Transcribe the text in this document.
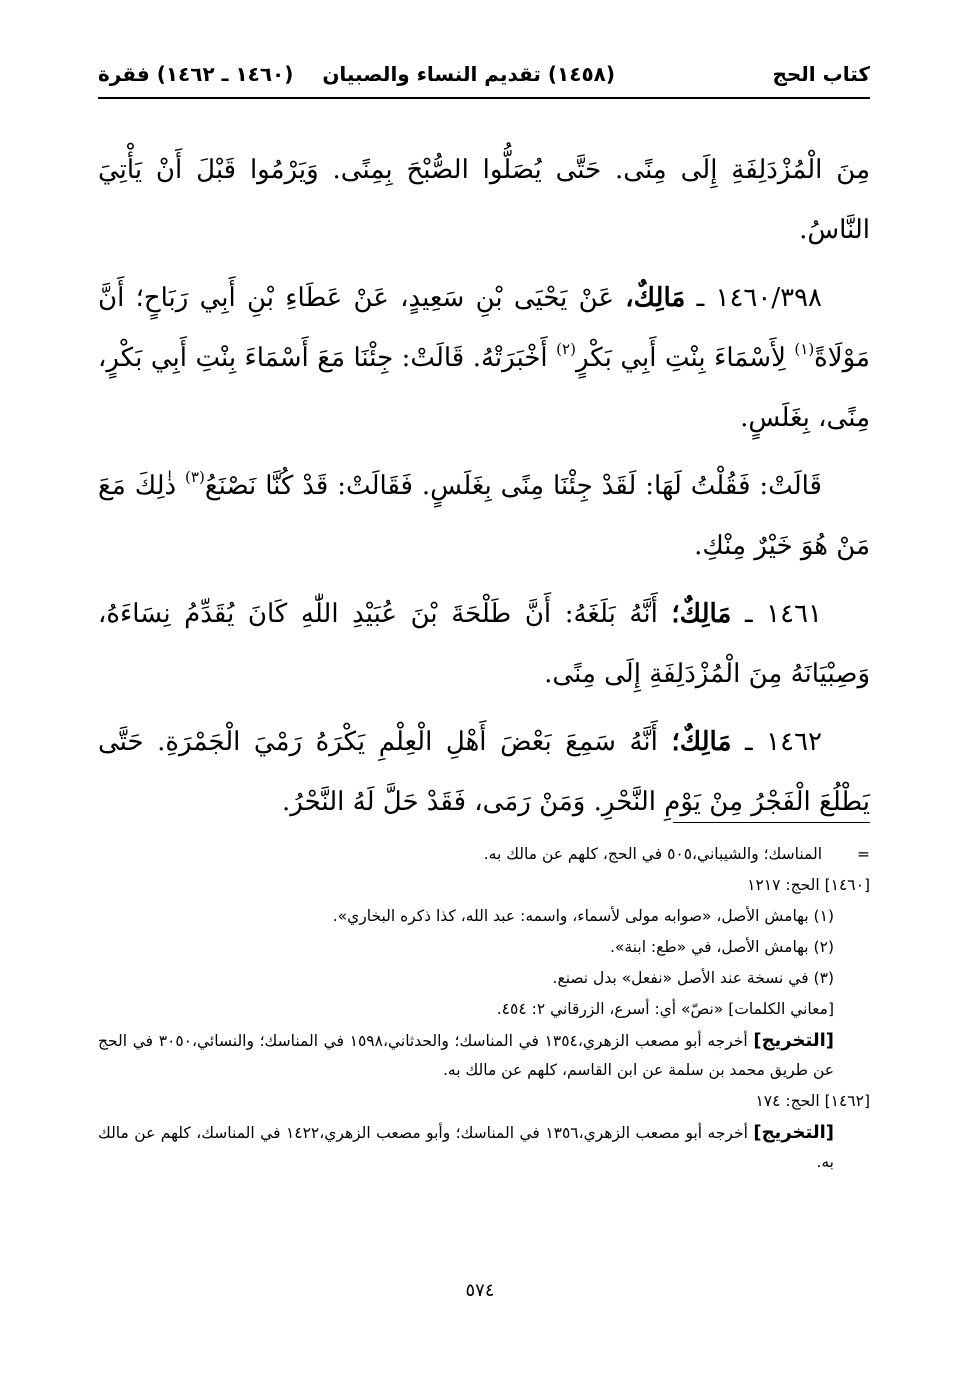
كتاب الحج
(١٤٥٨) تقديم النساء والصبيان
(١٤٦٠ ـ ١٤٦٢) فقرة

مِنَ الْمُزْدَلِفَةِ إِلَى مِنًى. حَتَّى يُصَلُّوا الصُّبْحَ بِمِنًى. وَيَرْمُوا قَبْلَ أَنْ يَأْتِيَ النَّاسُ.

١٤٦٠/٣٩٨ ـ مَالِكٌ، عَنْ يَحْيَى بْنِ سَعِيدٍ، عَنْ عَطَاءِ بْنِ أَبِي رَبَاحٍ؛ أَنَّ مَوْلَاةً$^{(١)}$ لِأَسْمَاءَ بِنْتِ أَبِي بَكْرٍ$^{(٢)}$ أَخْبَرَتْهُ. قَالَتْ: جِئْنَا مَعَ أَسْمَاءَ بِنْتِ أَبِي بَكْرٍ، مِنًى، بِغَلَسٍ.

قَالَتْ: فَقُلْتُ لَهَا: لَقَدْ جِئْنَا مِنًى بِغَلَسٍ. فَقَالَتْ: قَدْ كُنَّا نَصْنَعُ$^{(٣)}$ ذٰلِكَ مَعَ مَنْ هُوَ خَيْرٌ مِنْكِ.

١٤٦١ ـ مَالِكٌ؛ أَنَّهُ بَلَغَهُ: أَنَّ طَلْحَةَ بْنَ عُبَيْدِ اللّٰهِ كَانَ يُقَدِّمُ نِسَاءَهُ، وَصِبْيَانَهُ مِنَ الْمُزْدَلِفَةِ إِلَى مِنًى.

١٤٦٢ ـ مَالِكٌ؛ أَنَّهُ سَمِعَ بَعْضَ أَهْلِ الْعِلْمِ يَكْرَهُ رَمْيَ الْجَمْرَةِ. حَتَّى يَطْلُعَ الْفَجْرُ مِنْ يَوْمِ النَّحْرِ. وَمَنْ رَمَى، فَقَدْ حَلَّ لَهُ النَّحْرُ.

=المناسك؛ والشيباني،٥٠٥ في الحج، كلهم عن مالك به.

[١٤٦٠] الحج: ١٢١٧

(١) بهامش الأصل، «صوابه مولى لأسماء، واسمه: عبد الله، كذا ذكره البخاري».

(٢) بهامش الأصل، في «طع: ابنة».

(٣) في نسخة عند الأصل «نفعل» بدل نصنع.

[معاني الكلمات] «نصّ» أي: أسرع، الزرقاني ٢: ٤٥٤.

[التخريج] أخرجه أبو مصعب الزهري،١٣٥٤ في المناسك؛ والحدثاني،١٥٩٨ في المناسك؛ والنسائي،٣٠٥٠ في الحج عن طريق محمد بن سلمة عن ابن القاسم، كلهم عن مالك به.

[١٤٦٢] الحج: ١٧٤

[التخريج] أخرجه أبو مصعب الزهري،١٣٥٦ في المناسك؛ وأبو مصعب الزهري،١٤٢٢ في المناسك، كلهم عن مالك به.

٥٧٤
